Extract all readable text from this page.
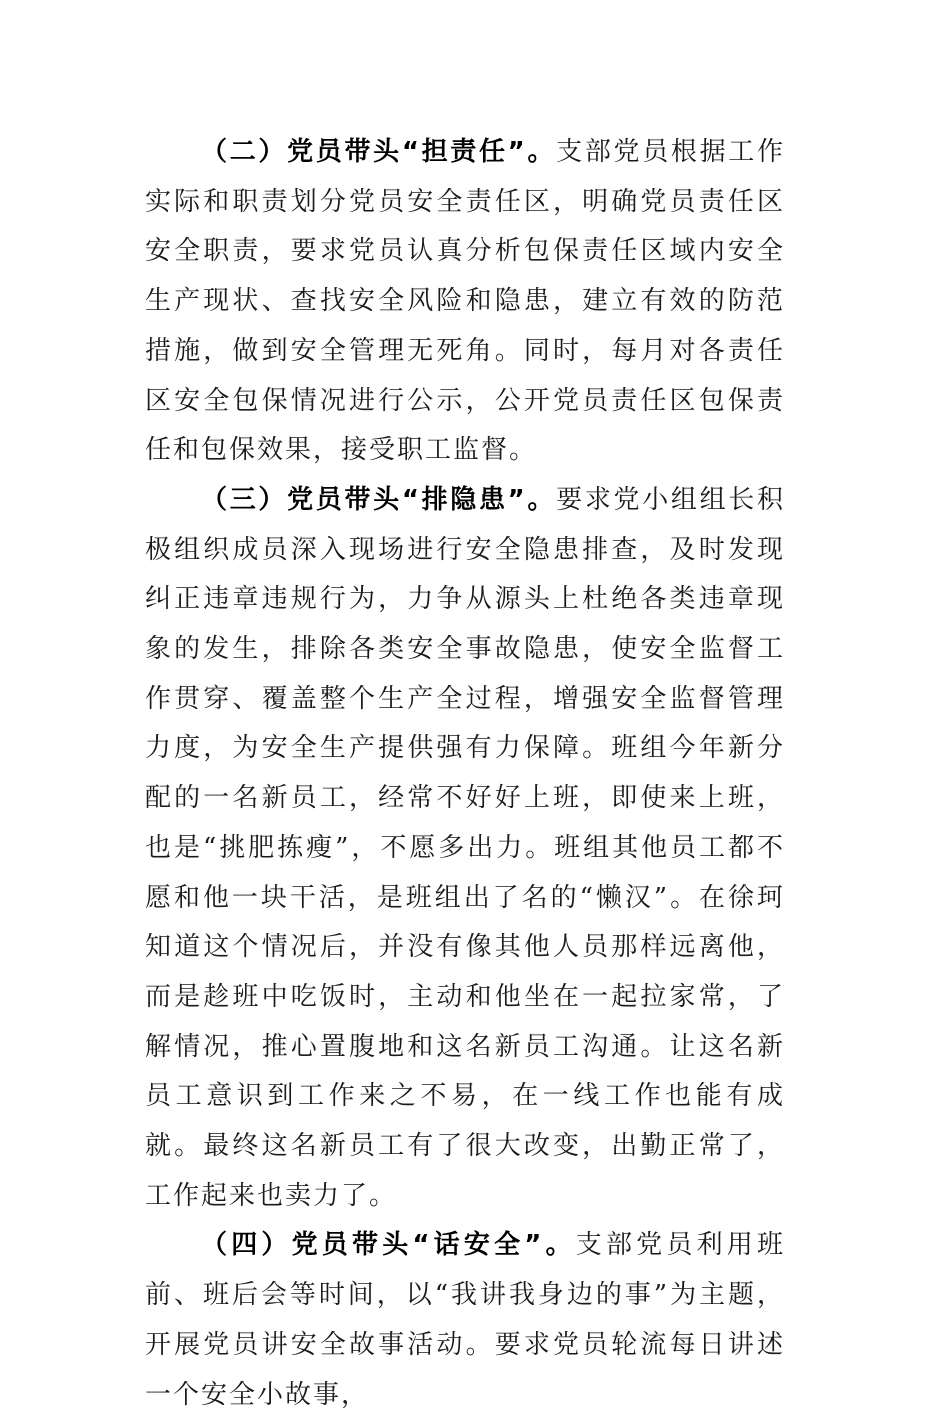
（二）党员带头“担责任”。支部党员根据工作实际和职责划分党员安全责任区，明确党员责任区安全职责，要求党员认真分析包保责任区域内安全生产现状、查找安全风险和隐患，建立有效的防范措施，做到安全管理无死角。同时，每月对各责任区安全包保情况进行公示，公开党员责任区包保责任和包保效果，接受职工监督。

（三）党员带头“排隐患”。要求党小组组长积极组织成员深入现场进行安全隐患排查，及时发现纠正违章违规行为，力争从源头上杜绝各类违章现象的发生，排除各类安全事故隐患，使安全监督工作贯穿、覆盖整个生产全过程，增强安全监督管理力度，为安全生产提供强有力保障。班组今年新分配的一名新员工，经常不好好上班，即使来上班，也是“挑肥拣瘦”，不愿多出力。班组其他员工都不愿和他一块干活，是班组出了名的“懒汉”。在徐珂知道这个情况后，并没有像其他人员那样远离他，而是趁班中吃饭时，主动和他坐在一起拉家常，了解情况，推心置腹地和这名新员工沟通。让这名新员工意识到工作来之不易，在一线工作也能有成就。最终这名新员工有了很大改变，出勤正常了，工作起来也卖力了。

（四）党员带头“话安全”。支部党员利用班前、班后会等时间，以“我讲我身边的事”为主题，开展党员讲安全故事活动。要求党员轮流每日讲述一个安全小故事，
